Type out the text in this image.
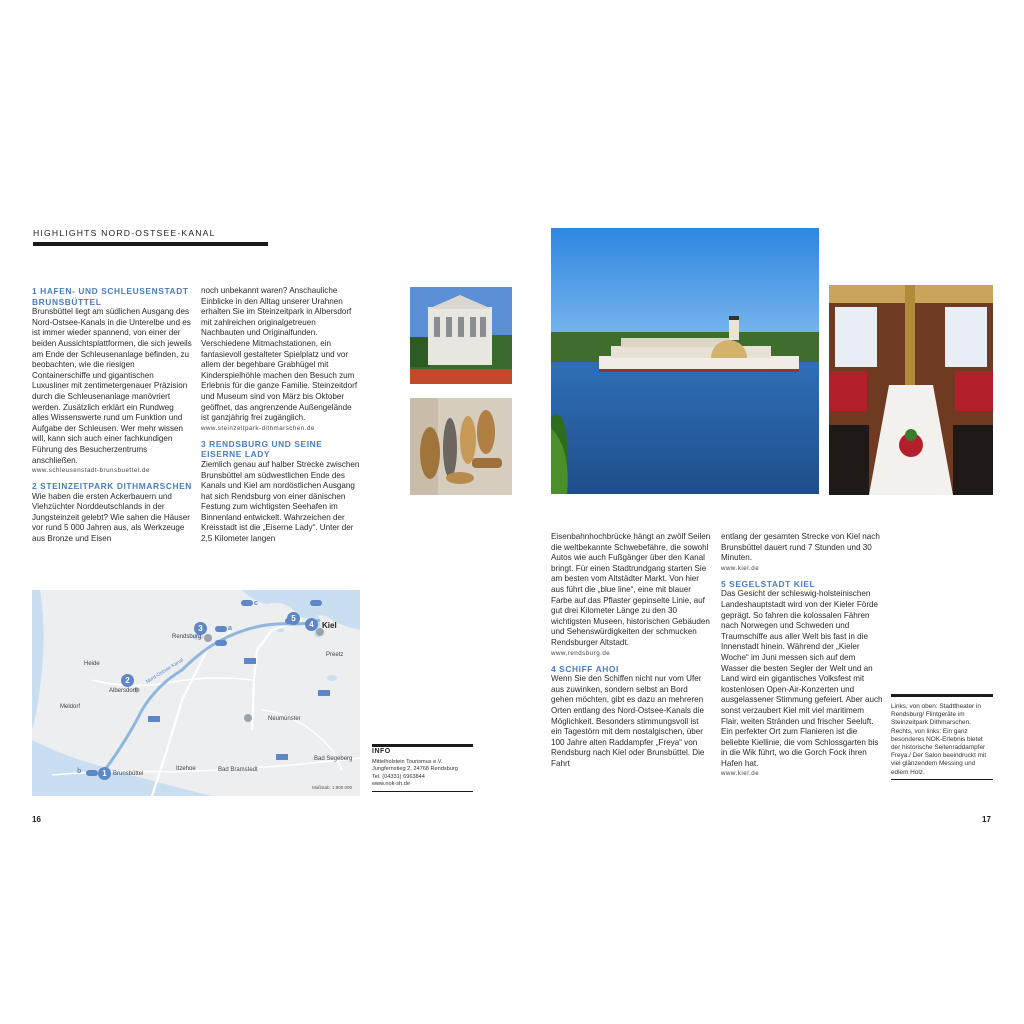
HIGHLIGHTS NORD-OSTSEE-KANAL

1 HAFEN- UND SCHLEUSENSTADT BRUNSBÜTTEL

Brunsbüttel liegt am südlichen Ausgang des Nord-Ostsee-Kanals in die Unterelbe und es ist immer wieder spannend, von einer der beiden Aussichtsplattformen, die sich jeweils am Ende der Schleusenanlage befinden, zu beobachten, wie die riesigen Containerschiffe und gigantischen Luxusliner mit zentimetergenauer Präzision durch die Schleusenanlage manövriert werden. Zusätzlich erklärt ein Rundweg alles Wissenswerte rund um Funktion und Aufgabe der Schleusen. Wer mehr wissen will, kann sich auch einer fachkundigen Führung des Besucherzentrums anschließen.

www.schleusenstadt-brunsbuettel.de

2 STEINZEITPARK DITHMARSCHEN

Wie haben die ersten Ackerbauern und Viehzüchter Norddeutschlands in der Jungsteinzeit gelebt? Wie sahen die Häuser vor rund 5 000 Jahren aus, als Werkzeuge aus Bronze und Eisen

noch unbekannt waren? Anschauliche Einblicke in den Alltag unserer Urahnen erhalten Sie im Steinzeitpark in Albersdorf mit zahlreichen originalgetreuen Nachbauten und Originalfunden. Verschiedene Mitmachstationen, ein fantasievoll gestalteter Spielplatz und vor allem der begehbare Grabhügel mit Kinderspielhöhle machen den Besuch zum Erlebnis für die ganze Familie. Steinzeitdorf und Museum sind von März bis Oktober geöffnet, das angrenzende Außengelände ist ganzjährig frei zugänglich.

www.steinzeitpark-dithmarschen.de

3 RENDSBURG UND SEINE EISERNE LADY

Ziemlich genau auf halber Strecke zwischen Brunsbüttel am südwestlichen Ende des Kanals und Kiel am nordöstlichen Ausgang hat sich Rendsburg von einer dänischen Festung zum wichtigsten Seehafen im Binnenland entwickelt. Wahrzeichen der Kreisstadt ist die „Eiserne Lady“. Unter der 2,5 Kilometer langen

1
2
3	4
5
a
b
c
d
Kiel
Rendsburg
Heide
Albersdorf
Meldorf
Brunsbüttel
Itzehoe	Bad Bramstedt
Neumünster
Bad Segeberg
Preetz
Nord-Ostsee-Kanal
Maßstab: 1:800 000
INFO
Mittelholstein Tourismus e.V.
Jungfernstieg 2, 24768 Rendsburg
Tel. (04331) 6963844
www.nok-sh.de

Eisenbahnhochbrücke hängt an zwölf Seilen die weltbekannte Schwebefähre, die sowohl Autos wie auch Fußgänger über den Kanal bringt. Für einen Stadtrundgang starten Sie am besten vom Altstädter Markt. Von hier aus führt die „blue line“, eine mit blauer Farbe auf das Pflaster gepinselte Linie, auf gut drei Kilometer Länge zu den 30 wichtigsten Museen, historischen Gebäuden und Sehenswürdigkeiten der schmucken Rendsburger Altstadt.

www.rendsburg.de

4 SCHIFF AHOI

Wenn Sie den Schiffen nicht nur vom Ufer aus zuwinken, sondern selbst an Bord gehen möchten, gibt es dazu an mehreren Orten entlang des Nord-Ostsee-Kanals die Möglichkeit. Besonders stimmungsvoll ist ein Tagestörn mit dem nostalgischen, über 100 Jahre alten Raddampfer „Freya“ von Rendsburg nach Kiel oder Brunsbüttel. Die Fahrt

entlang der gesamten Strecke von Kiel nach Brunsbüttel dauert rund 7 Stunden und 30 Minuten.

www.kiel.de

5 SEGELSTADT KIEL

Das Gesicht der schleswig-holsteinischen Landeshauptstadt wird von der Kieler Förde geprägt. So fahren die kolossalen Fähren nach Norwegen und Schweden und Traumschiffe aus aller Welt bis fast in die Innenstadt hinein. Während der „Kieler Woche“ im Juni messen sich auf dem Wasser die besten Segler der Welt und an Land wird ein gigantisches Volksfest mit kostenlosen Open-Air-Konzerten und ausgelassener Stimmung gefeiert. Aber auch sonst verzaubert Kiel mit viel maritimem Flair, weiten Stränden und frischer Seeluft. Ein perfekter Ort zum Flanieren ist die beliebte Kiellinie, die vom Schlossgarten bis in die Wik führt, wo die Gorch Fock ihren Hafen hat.

www.kiel.de

Links, von oben: Stadttheater in Rendsburg/ Flintgeräte im Steinzeitpark Dithmarschen. Rechts, von links: Ein ganz besonderes NOK-Erlebnis bietet der historische Seitenraddampfer Freya./ Der Salon beeindruckt mit viel glänzendem Messing und edlem Holz.
16	17
